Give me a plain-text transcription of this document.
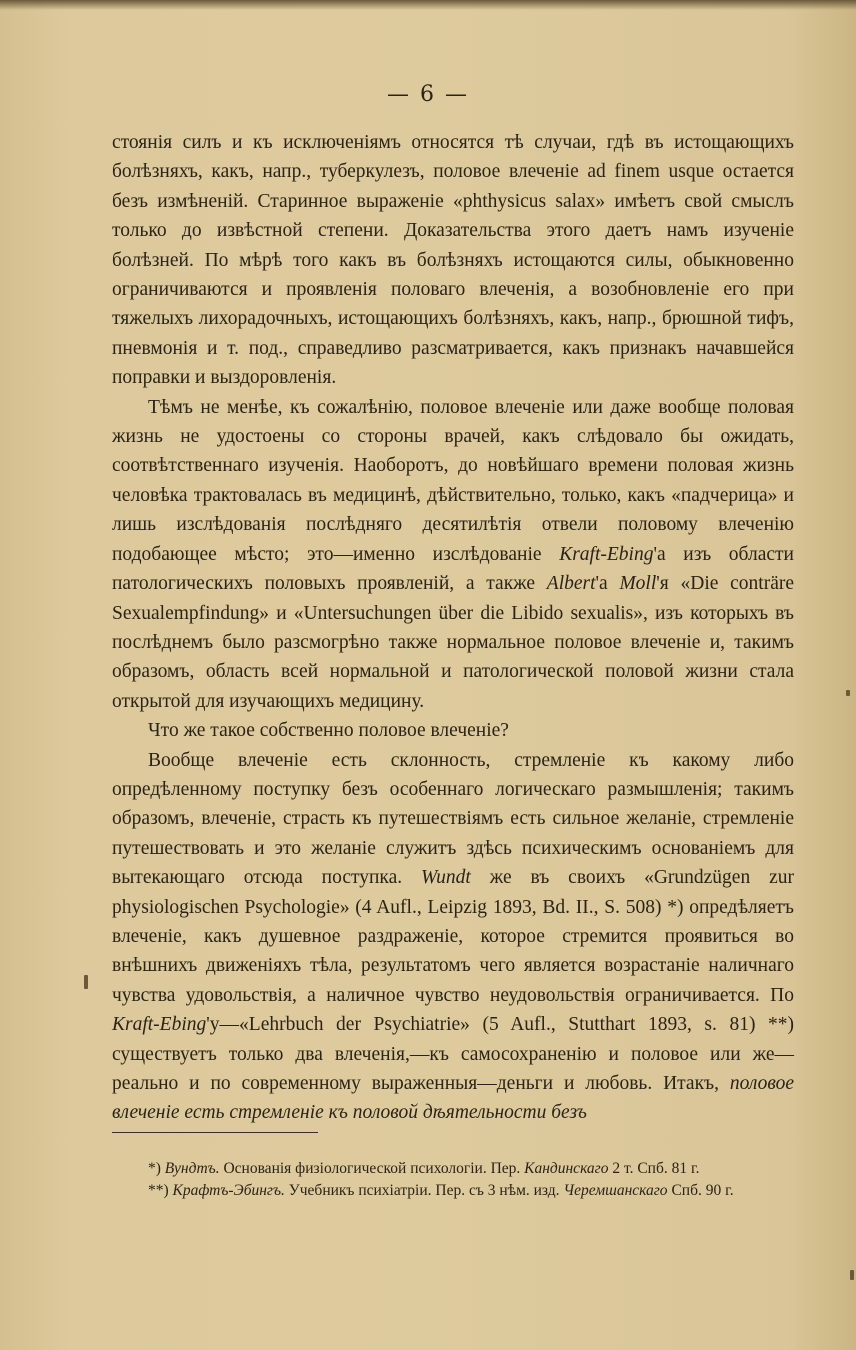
— 6 —

стоянія силъ и къ исключеніямъ относятся тѣ случаи, гдѣ въ истощающихъ болѣзняхъ, какъ, напр., туберкулезъ, половое влеченіе ad finem usque остается безъ измѣненій. Старинное выраженіе «phthysicus salax» имѣетъ свой смыслъ только до извѣстной степени. Доказательства этого даетъ намъ изученіе болѣзней. По мѣрѣ того какъ въ болѣзняхъ истощаются силы, обыкновенно ограничиваются и проявленія половаго влеченія, а возобновленіе его при тяжелыхъ лихорадочныхъ, истощающихъ болѣзняхъ, какъ, напр., брюшной тифъ, пневмонія и т. под., справедливо разсматривается, какъ признакъ начавшейся поправки и выздоровленія.

Тѣмъ не менѣе, къ сожалѣнію, половое влеченіе или даже вообще половая жизнь не удостоены со стороны врачей, какъ слѣдовало бы ожидать, соотвѣтственнаго изученія. Наоборотъ, до новѣйшаго времени половая жизнь человѣка трактовалась въ медицинѣ, дѣйствительно, только, какъ «падчерица» и лишь изслѣдованія послѣдняго десятилѣтія отвели половому влеченію подобающее мѣсто; это—именно изслѣдованіе Kraft-Ebing'а изъ области патологическихъ половыхъ проявленій, а также Albert'а Moll'я «Die conträre Sexualempfindung» и «Untersuchungen über die Libido sexualis», изъ которыхъ въ послѣднемъ было разсмогрѣно также нормальное половое влеченіе и, такимъ образомъ, область всей нормальной и патологической половой жизни стала открытой для изучающихъ медицину.

Что же такое собственно половое влеченіе?

Вообще влеченіе есть склонность, стремленіе къ какому либо опредѣленному поступку безъ особеннаго логическаго размышленія; такимъ образомъ, влеченіе, страсть къ путешествіямъ есть сильное желаніе, стремленіе путешествовать и это желаніе служитъ здѣсь психическимъ основаніемъ для вытекающаго отсюда поступка. Wundt же въ своихъ «Grundzügen zur physiologischen Psychologie» (4 Aufl., Leipzig 1893, Bd. II., S. 508) *) опредѣляетъ влеченіе, какъ душевное раздраженіе, которое стремится проявиться во внѣшнихъ движеніяхъ тѣла, результатомъ чего является возрастаніе наличнаго чувства удовольствія, а наличное чувство неудовольствія ограничивается. По Kraft-Ebing'у—«Lehrbuch der Psychiatrie» (5 Aufl., Stutthart 1893, s. 81) **) существуетъ только два влеченія,—къ самосохраненію и половое или же—реально и по современному выраженныя—деньги и любовь. Итакъ, половое влеченіе есть стремленіе къ половой дѣятельности безъ

*) Вундтъ. Основанія физіологической психологіи. Пер. Кандинскаго 2 т. Спб. 81 г.

**) Крафтъ-Эбингъ. Учебникъ психіатріи. Пер. съ 3 нѣм. изд. Черемшанскаго Спб. 90 г.
